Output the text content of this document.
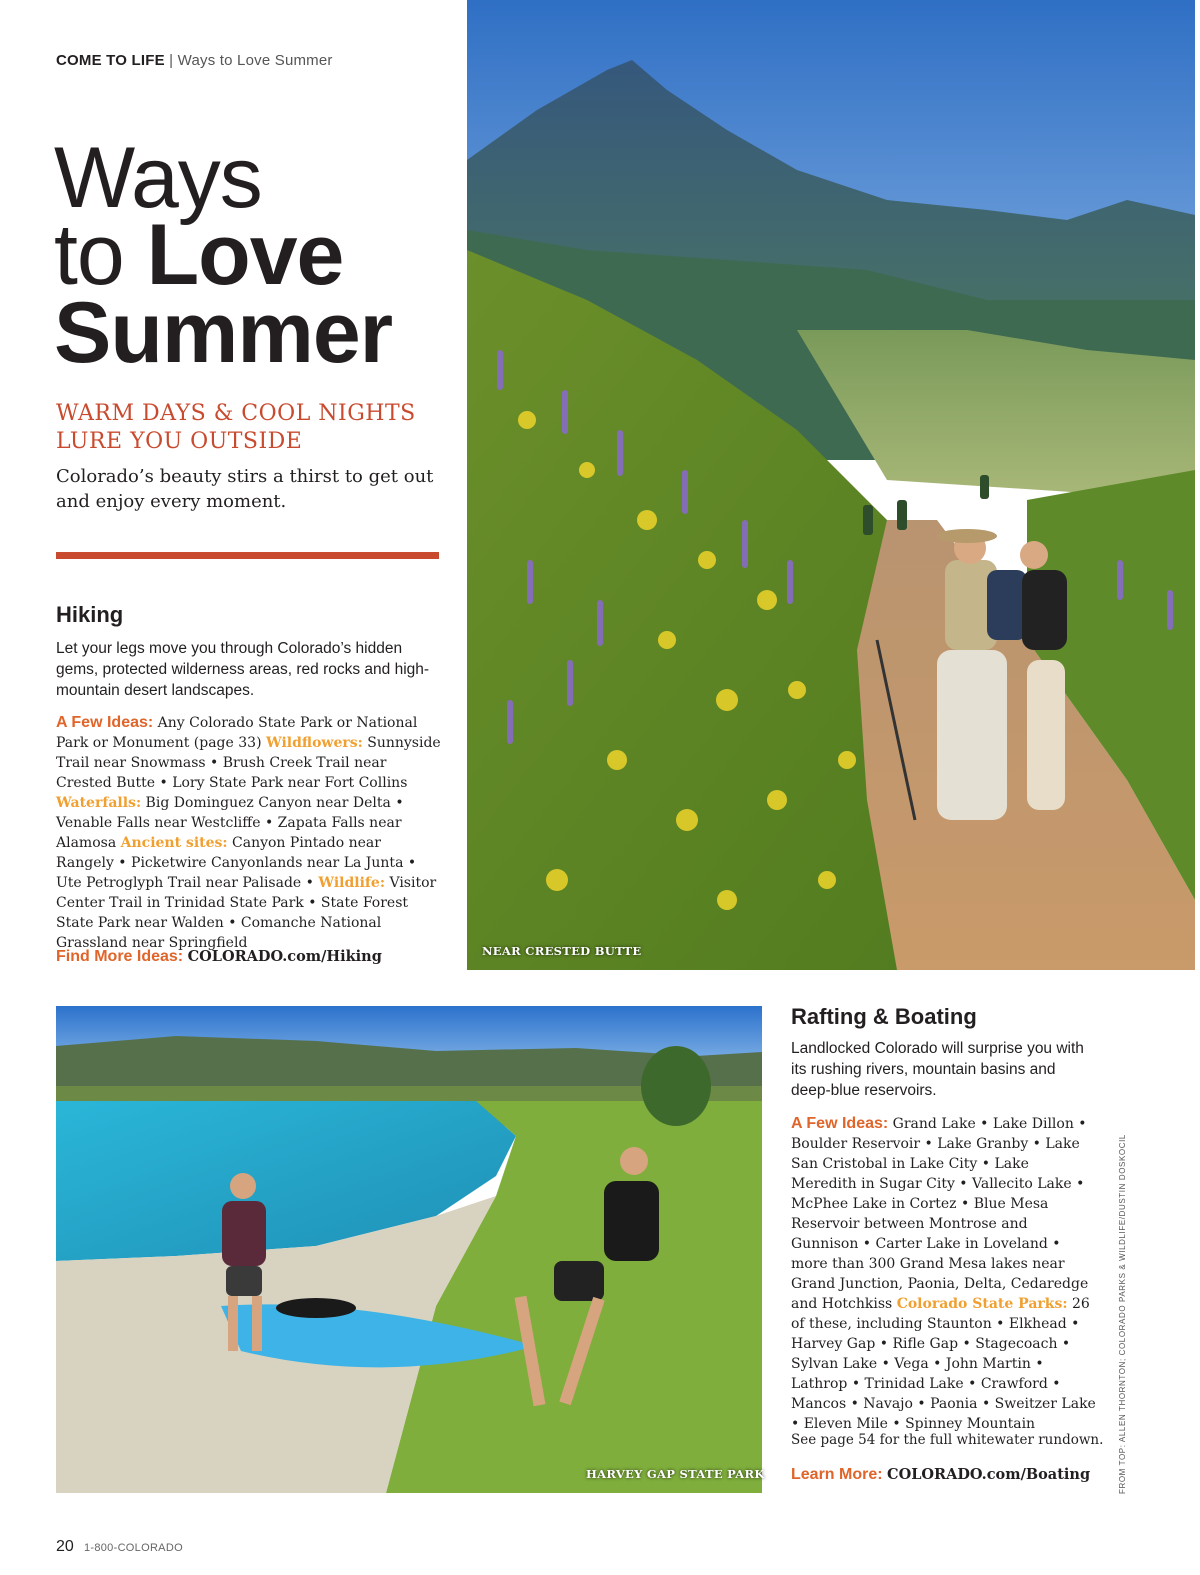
COME TO LIFE | Ways to Love Summer
Ways
to Love
Summer
WARM DAYS & COOL NIGHTS
LURE YOU OUTSIDE
Colorado’s beauty stirs a thirst to get out and enjoy every moment.
Hiking
Let your legs move you through Colorado’s hidden gems, protected wilderness areas, red rocks and high-mountain desert landscapes.
A Few Ideas: Any Colorado State Park or National Park or Monument (page 33) Wildflowers: Sunnyside Trail near Snowmass • Brush Creek Trail near Crested Butte • Lory State Park near Fort Collins Waterfalls: Big Dominguez Canyon near Delta • Venable Falls near Westcliffe • Zapata Falls near Alamosa Ancient sites: Canyon Pintado near Rangely • Picketwire Canyonlands near La Junta • Ute Petroglyph Trail near Palisade • Wildlife: Visitor Center Trail in Trinidad State Park • State Forest State Park near Walden • Comanche National Grassland near Springfield
Find More Ideas: COLORADO.com/Hiking	NEAR CRESTED BUTTE
HARVEY GAP STATE PARK
Rafting & Boating
Landlocked Colorado will surprise you with its rushing rivers, mountain basins and deep-blue reservoirs.
A Few Ideas: Grand Lake • Lake Dillon • Boulder Reservoir • Lake Granby • Lake San Cristobal in Lake City • Lake Meredith in Sugar City • Vallecito Lake • McPhee Lake in Cortez • Blue Mesa Reservoir between Montrose and Gunnison • Carter Lake in Loveland • more than 300 Grand Mesa lakes near Grand Junction, Paonia, Delta, Cedaredge and Hotchkiss Colorado State Parks: 26 of these, including Staunton • Elkhead • Harvey Gap • Rifle Gap • Stagecoach • Sylvan Lake • Vega • John Martin • Lathrop • Trinidad Lake • Crawford • Mancos • Navajo • Paonia • Sweitzer Lake • Eleven Mile • Spinney Mountain
See page 54 for the full whitewater rundown.
Learn More: COLORADO.com/Boating	FROM TOP: ALLEN THORNTON; COLORADO PARKS & WILDLIFE/DUSTIN DOSKOCIL
20 1-800-COLORADO
